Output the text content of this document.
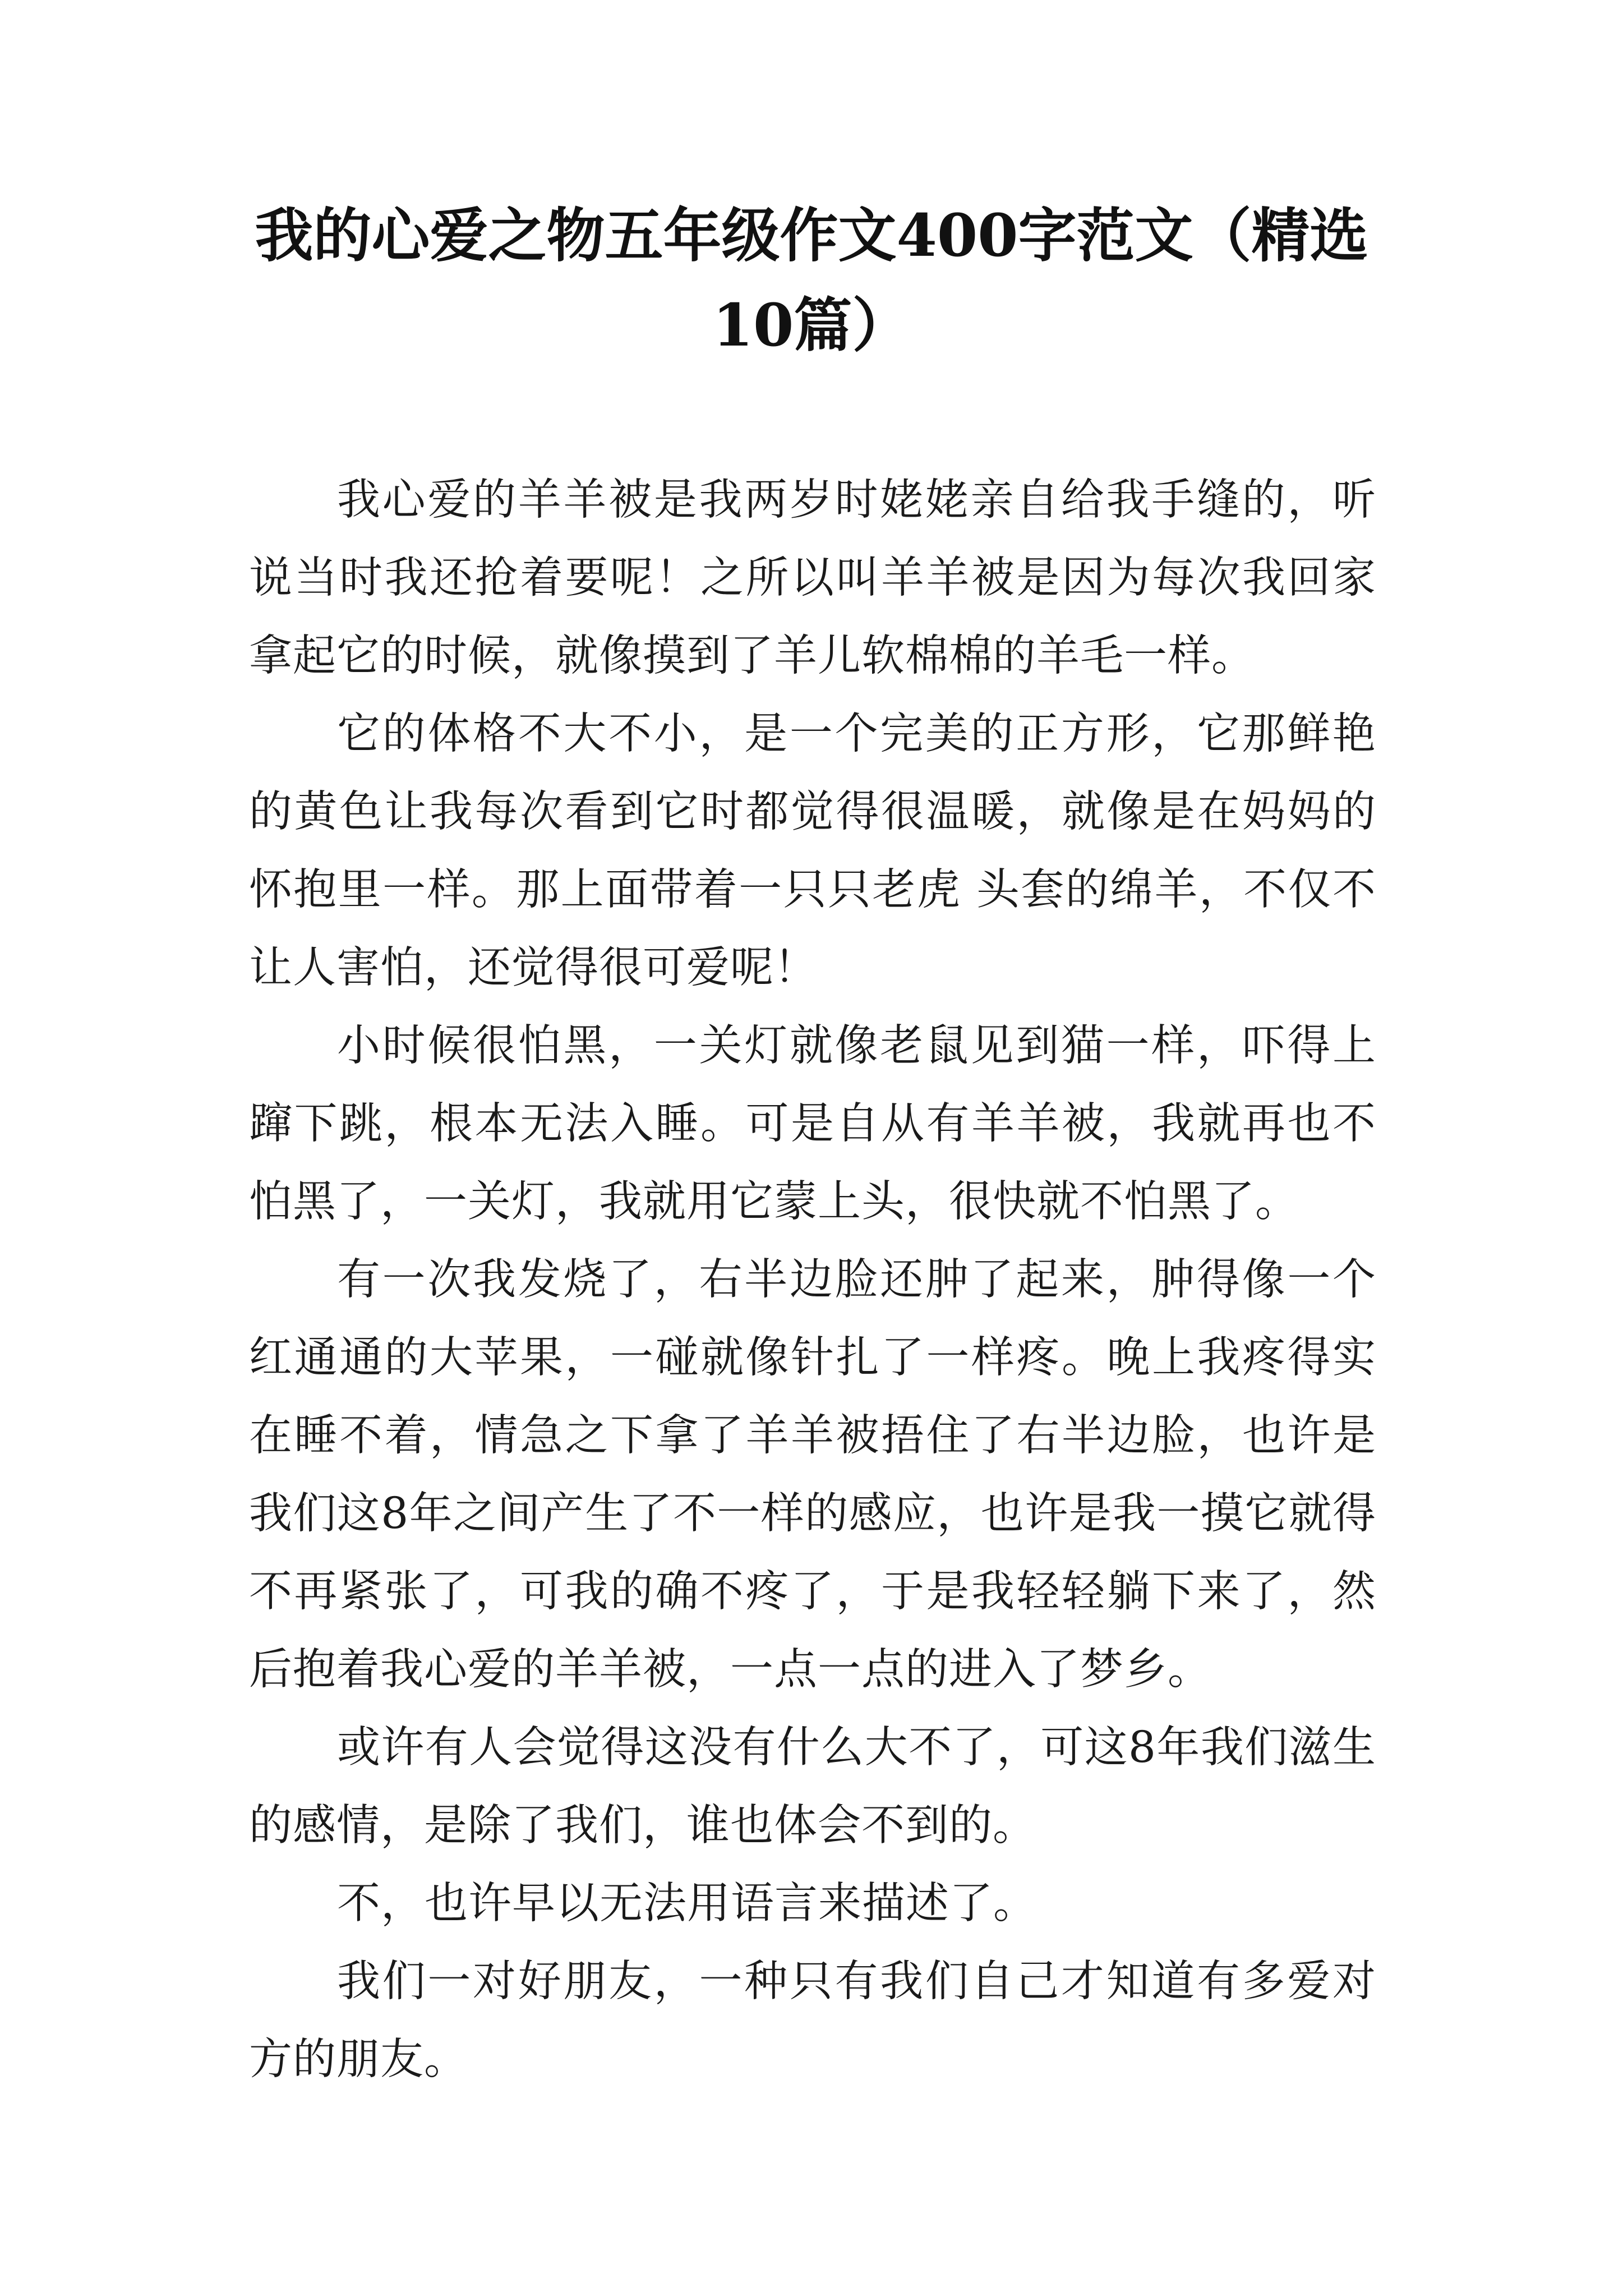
我的心爱之物五年级作文400字范文（精选
10篇）

我心爱的羊羊被是我两岁时姥姥亲自给我手缝的，听说当时我还抢着要呢！之所以叫羊羊被是因为每次我回家拿起它的时候，就像摸到了羊儿软棉棉的羊毛一样。

它的体格不大不小，是一个完美的正方形，它那鲜艳的黄色让我每次看到它时都觉得很温暖，就像是在妈妈的怀抱里一样。那上面带着一只只老虎 头套的绵羊，不仅不让人害怕，还觉得很可爱呢！

小时候很怕黑，一关灯就像老鼠见到猫一样，吓得上蹿下跳，根本无法入睡。可是自从有羊羊被，我就再也不怕黑了，一关灯，我就用它蒙上头，很快就不怕黑了。

有一次我发烧了，右半边脸还肿了起来，肿得像一个红通通的大苹果，一碰就像针扎了一样疼。晚上我疼得实在睡不着，情急之下拿了羊羊被捂住了右半边脸，也许是我们这8年之间产生了不一样的感应，也许是我一摸它就得不再紧张了，可我的确不疼了，于是我轻轻躺下来了，然后抱着我心爱的羊羊被，一点一点的进入了梦乡。

或许有人会觉得这没有什么大不了，可这8年我们滋生的感情，是除了我们，谁也体会不到的。

不，也许早以无法用语言来描述了。

我们一对好朋友，一种只有我们自己才知道有多爱对方的朋友。
